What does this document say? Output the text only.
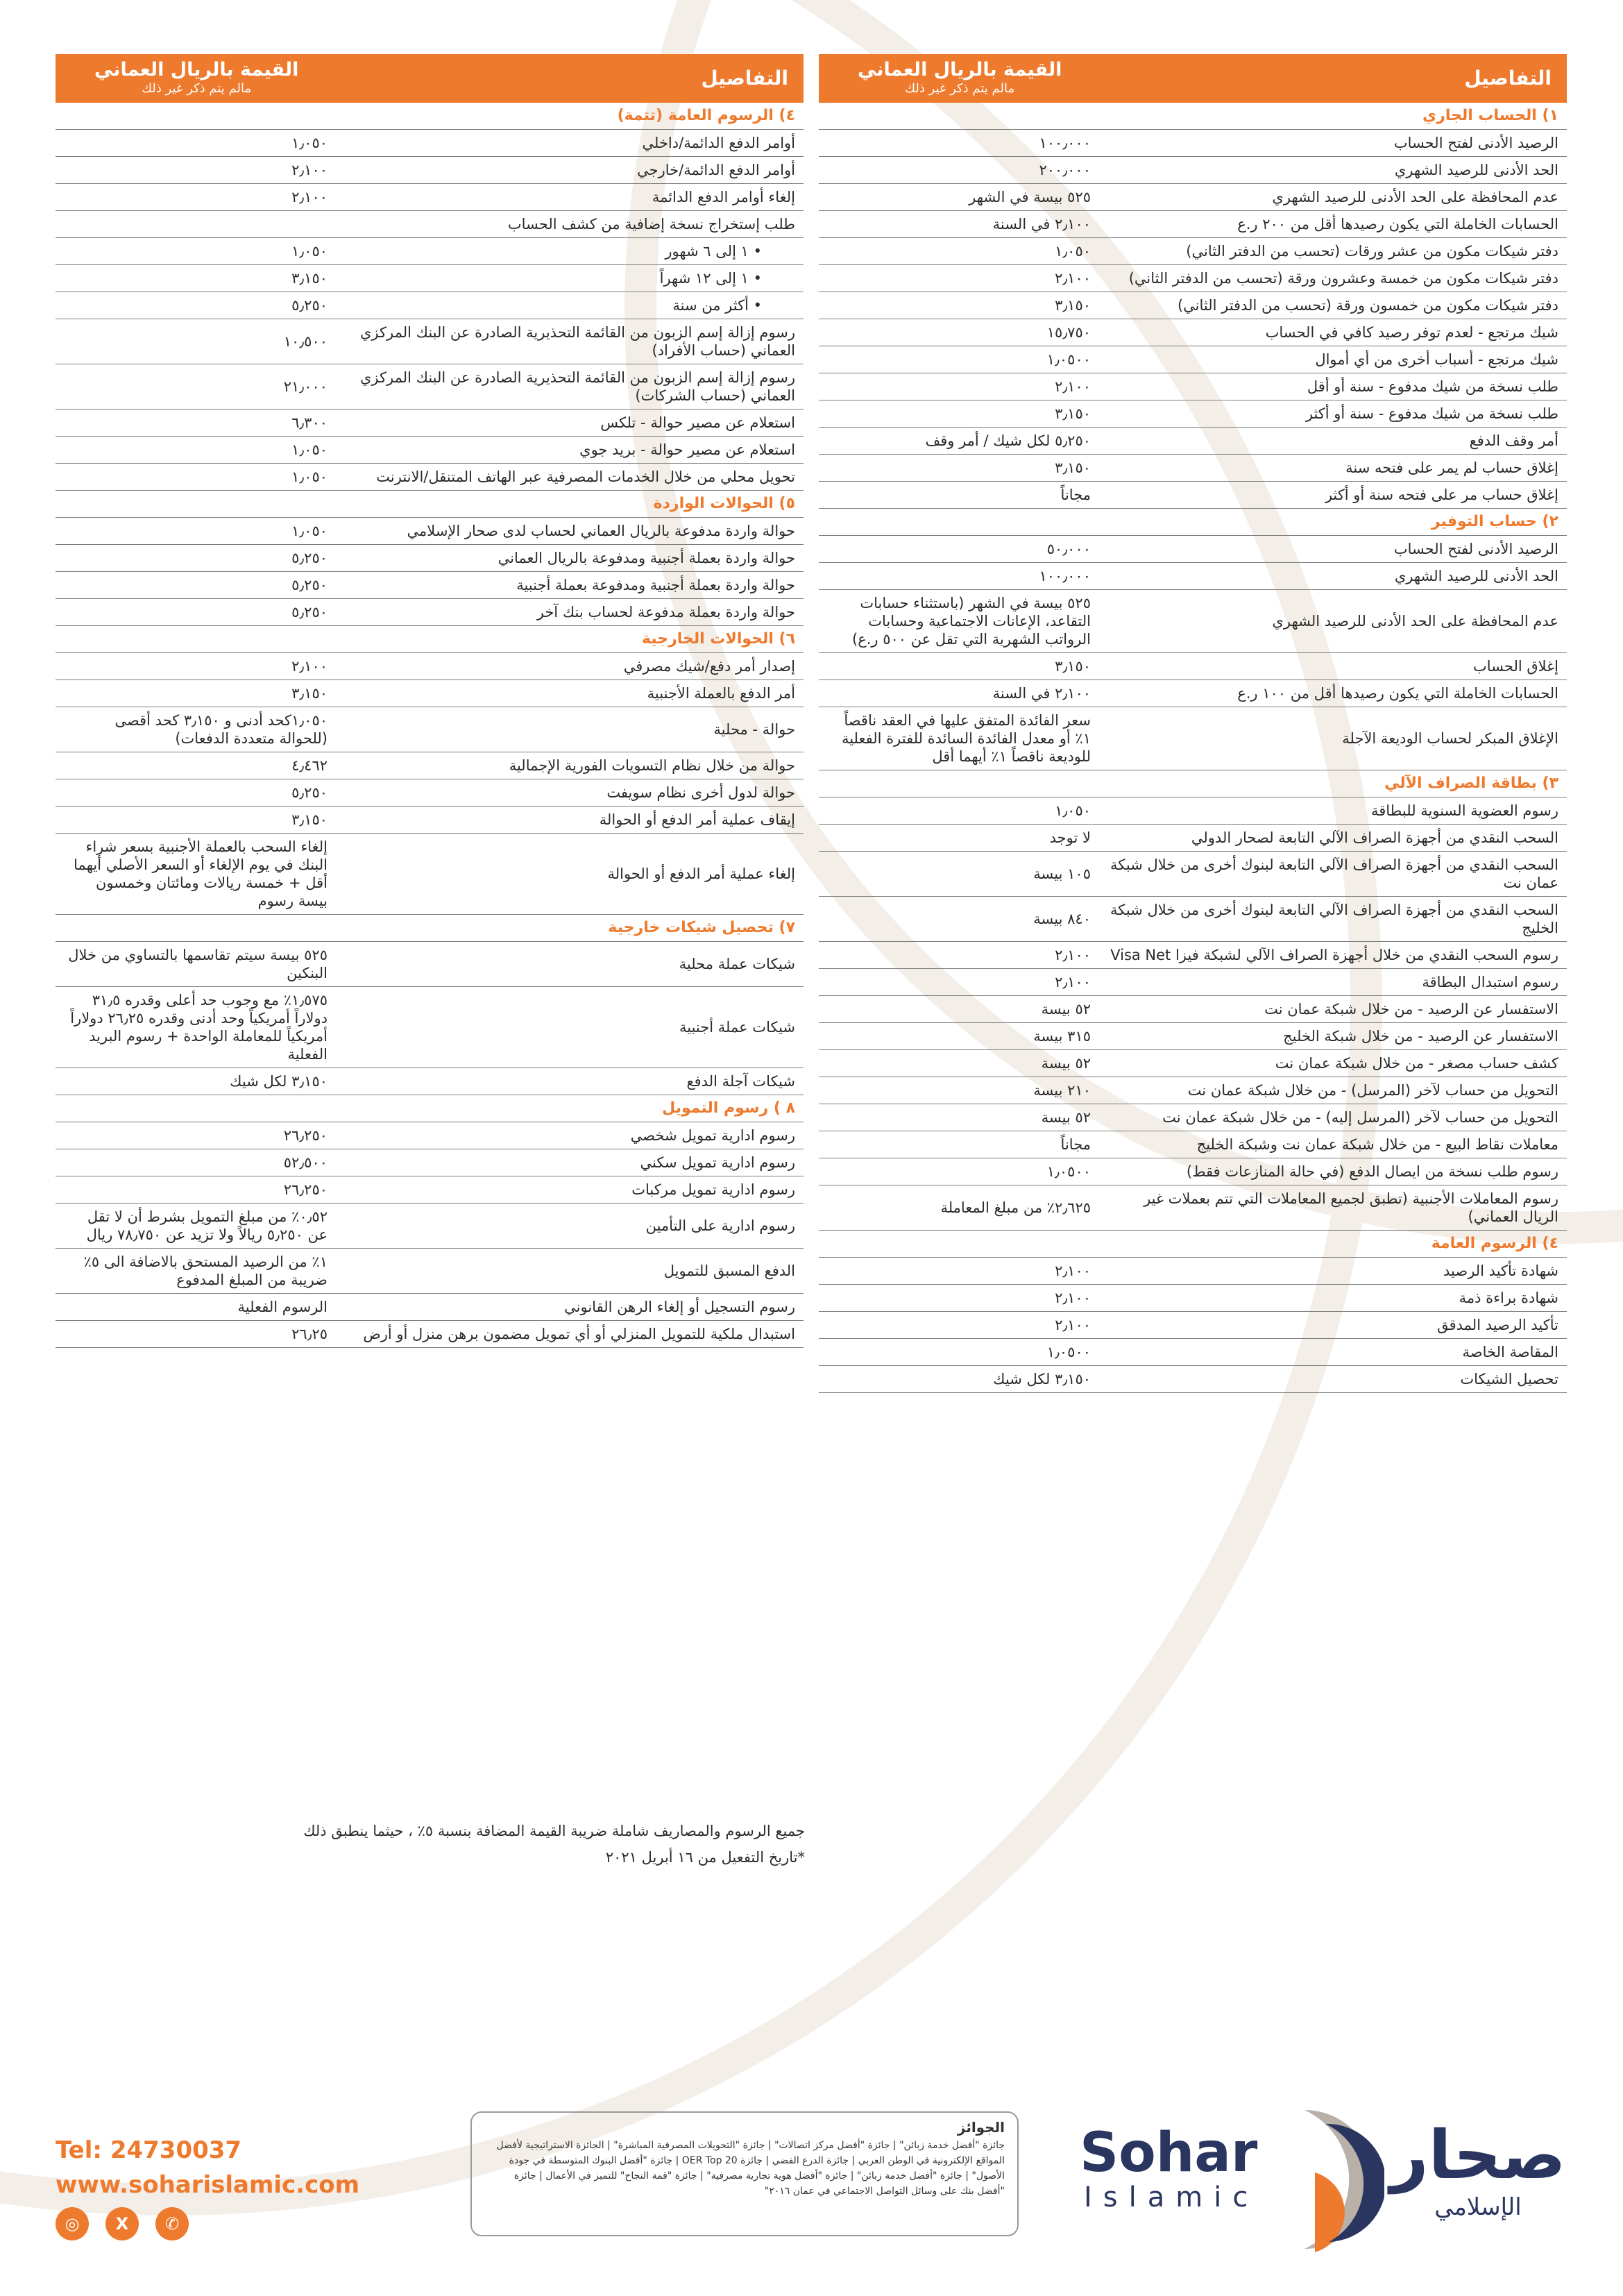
التفاصيل
القيمة بالريال العماني
مالم يتم ذكر غير ذلك
١) الحساب الجاري
الرصيد الأدنى لفتح الحساب
١٠٠٫٠٠٠
الحد الأدنى للرصيد الشهري
٢٠٠٫٠٠٠
عدم المحافظة على الحد الأدنى للرصيد الشهري
٥٢٥ بيسة في الشهر
الحسابات الخاملة التي يكون رصيدها أقل من ٢٠٠ ر.ع
٢٫١٠٠ في السنة
دفتر شيكات مكون من عشر ورقات (تحسب من الدفتر الثاني)
١٫٠٥٠
دفتر شيكات مكون من خمسة وعشرون ورقة (تحسب من الدفتر الثاني)
٢٫١٠٠
دفتر شيكات مكون من خمسون ورقة (تحسب من الدفتر الثاني)
٣٫١٥٠
شيك مرتجع - لعدم توفر رصيد كافي في الحساب
١٥٫٧٥٠
شيك مرتجع - أسباب أخرى من أي أموال
١٫٠٥٠٠
طلب نسخة من شيك مدفوع - سنة أو أقل
٢٫١٠٠
طلب نسخة من شيك مدفوع - سنة أو أكثر
٣٫١٥٠
أمر وقف الدفع
٥٫٢٥٠ لكل شيك / أمر وقف
إغلاق حساب لم يمر على فتحه سنة
٣٫١٥٠
إغلاق حساب مر على فتحه سنة أو أكثر
مجاناً
٢) حساب التوفير
الرصيد الأدنى لفتح الحساب
٥٠٫٠٠٠
الحد الأدنى للرصيد الشهري
١٠٠٫٠٠٠
عدم المحافظة على الحد الأدنى للرصيد الشهري
٥٢٥ بيسة في الشهر (باستثناء حسابات التقاعد، الإعانات الاجتماعية وحسابات الرواتب الشهرية التي تقل عن ٥٠٠ ر.ع)
إغلاق الحساب
٣٫١٥٠
الحسابات الخاملة التي يكون رصيدها أقل من ١٠٠ ر.ع
٢٫١٠٠ في السنة
الإغلاق المبكر لحساب الوديعة الآجلة
سعر الفائدة المتفق عليها في العقد ناقصاً ١٪ أو معدل الفائدة السائدة للفترة الفعلية للوديعة ناقصاً ١٪ أيهما أقل
٣) بطاقة الصراف الآلي
رسوم العضوية السنوية للبطاقة
١٫٠٥٠
السحب النقدي من أجهزة الصراف الآلي التابعة لصحار الدولي
لا توجد
السحب النقدي من أجهزة الصراف الآلي التابعة لبنوك أخرى من خلال شبكة عمان نت
١٠٥ بيسة
السحب النقدي من أجهزة الصراف الآلي التابعة لبنوك أخرى من خلال شبكة الخليج
٨٤٠ بيسة
رسوم السحب النقدي من خلال أجهزة الصراف الآلي لشبكة فيزا Visa Net
٢٫١٠٠
رسوم استبدال البطاقة
٢٫١٠٠
الاستفسار عن الرصيد - من خلال شبكة عمان نت
٥٢ بيسة
الاستفسار عن الرصيد - من خلال شبكة الخليج
٣١٥ بيسة
كشف حساب مصغر - من خلال شبكة عمان نت
٥٢ بيسة
التحويل من حساب لآخر (المرسل) - من خلال شبكة عمان نت
٢١٠ بيسة
التحويل من حساب لآخر (المرسل إليه) - من خلال شبكة عمان نت
٥٢ بيسة
معاملات نقاط البيع - من خلال شبكة عمان نت وشبكة الخليج
مجاناً
رسوم طلب نسخة من ايصال الدفع (في حالة المنازعات فقط)
١٫٠٥٠٠
رسوم المعاملات الأجنبية (تطبق لجميع المعاملات التي تتم بعملات غير الريال العماني)
٢٫٦٢٥٪ من مبلغ المعاملة
٤) الرسوم العامة
شهادة تأكيد الرصيد
٢٫١٠٠
شهادة براءة ذمة
٢٫١٠٠
تأكيد الرصيد المدقق
٢٫١٠٠
المقاصة الخاصة
١٫٠٥٠٠
تحصيل الشيكات
٣٫١٥٠ لكل شيك
التفاصيل
القيمة بالريال العماني
مالم يتم ذكر غير ذلك
٤) الرسوم العامة (تتمة)
أوامر الدفع الدائمة/داخلي
١٫٠٥٠
أوامر الدفع الدائمة/خارجي
٢٫١٠٠
إلغاء أوامر الدفع الدائمة
٢٫١٠٠
طلب إستخراج نسخة إضافية من كشف الحساب
• ١ إلى ٦ شهور
١٫٠٥٠
• ١ إلى ١٢ شهراً
٣٫١٥٠
• أكثر من سنة
٥٫٢٥٠
رسوم إزالة إسم الزبون من القائمة التحذيرية الصادرة عن البنك المركزي العماني (حساب الأفراد)
١٠٫٥٠٠
رسوم إزالة إسم الزبون من القائمة التحذيرية الصادرة عن البنك المركزي العماني (حساب الشركات)
٢١٫٠٠٠
استعلام عن مصير حوالة - تلكس
٦٫٣٠٠
استعلام عن مصير حوالة - بريد جوي
١٫٠٥٠
تحويل محلي من خلال الخدمات المصرفية عبر الهاتف المتنقل/الانترنت
١٫٠٥٠
٥) الحوالات الواردة
حوالة واردة مدفوعة بالريال العماني لحساب لدى صحار الإسلامي
١٫٠٥٠
حوالة واردة بعملة أجنبية ومدفوعة بالريال العماني
٥٫٢٥٠
حوالة واردة بعملة أجنبية ومدفوعة بعملة أجنبية
٥٫٢٥٠
حوالة واردة بعملة مدفوعة لحساب بنك آخر
٥٫٢٥٠
٦) الحوالات الخارجية
إصدار أمر دفع/شيك مصرفي
٢٫١٠٠
أمر الدفع بالعملة الأجنبية
٣٫١٥٠
حوالة - محلية
١٫٠٥٠كحد أدنى و ٣٫١٥٠ كحد أقصى (للحوالة متعددة الدفعات)
حوالة من خلال نظام التسويات الفورية الإجمالية
٤٫٤٦٢
حوالة لدول أخرى نظام سويفت
٥٫٢٥٠
إيقاف عملية أمر الدفع أو الحوالة
٣٫١٥٠
إلغاء عملية أمر الدفع أو الحوالة
إلغاء السحب بالعملة الأجنبية بسعر شراء البنك في يوم الإلغاء أو السعر الأصلي أيهما أقل + خمسة ريالات ومائتان وخمسون بيسة رسوم
٧) تحصيل شيكات خارجية
شيكات عملة محلية
٥٢٥ بيسة سيتم تقاسمها بالتساوي من خلال البنكين
شيكات عملة أجنبية
١٫٥٧٥٪ مع وجوب حد أعلى وقدره ٣١٫٥ دولاراً أمريكياً وحد أدنى وقدره ٢٦٫٢٥ دولاراً أمريكياً للمعاملة الواحدة + رسوم البريد الفعلية
شيكات آجلة الدفع
٣٫١٥٠ لكل شيك
٨ ) رسوم التمويل
رسوم ادارية تمويل شخصي
٢٦٫٢٥٠
رسوم ادارية تمويل سكني
٥٢٫٥٠٠
رسوم ادارية تمويل مركبات
٢٦٫٢٥٠
رسوم ادارية على التأمين
٠٫٥٢٪ من مبلغ التمويل بشرط أن لا تقل عن ٥٫٢٥٠ ريالاً ولا تزيد عن ٧٨٫٧٥٠ ريال
الدفع المسبق للتمويل
١٪ من الرصيد المستحق بالاضافة الى ٥٪ ضريبة من المبلغ المدفوع
رسوم التسجيل أو إلغاء الرهن القانوني
الرسوم الفعلية
استبدال ملكية للتمويل المنزلي أو أي تمويل مضمون برهن منزل أو أرض
٢٦٫٢٥
جميع الرسوم والمصاريف شاملة ضريبة القيمة المضافة بنسبة ٥٪ ، حيثما ينطبق ذلك
*تاريخ التفعيل من ١٦ أبريل ٢٠٢١
Tel: 24730037
www.soharislamic.com
◎	X	✆
الجوائز
جائزة "أفضل خدمة زبائن" | جائزة "أفضل مركز اتصالات" | جائزة "التحويلات المصرفية المباشرة" | الجائزة الاستراتيجية لأفضل المواقع الإلكترونية في الوطن العربي | جائزة الدرع الفضي | جائزة OER Top 20 | جائزة "أفضل البنوك المتوسطة في جودة الأصول" | جائزة "أفضل خدمة زبائن" | جائزة "أفضل هوية تجارية مصرفية" | جائزة "قمة النجاح" للتميز في الأعمال | جائزة "أفضل بنك على وسائل التواصل الاجتماعي في عمان ٢٠١٦"
Sohar
Islamic
صحار
الإسلامي
